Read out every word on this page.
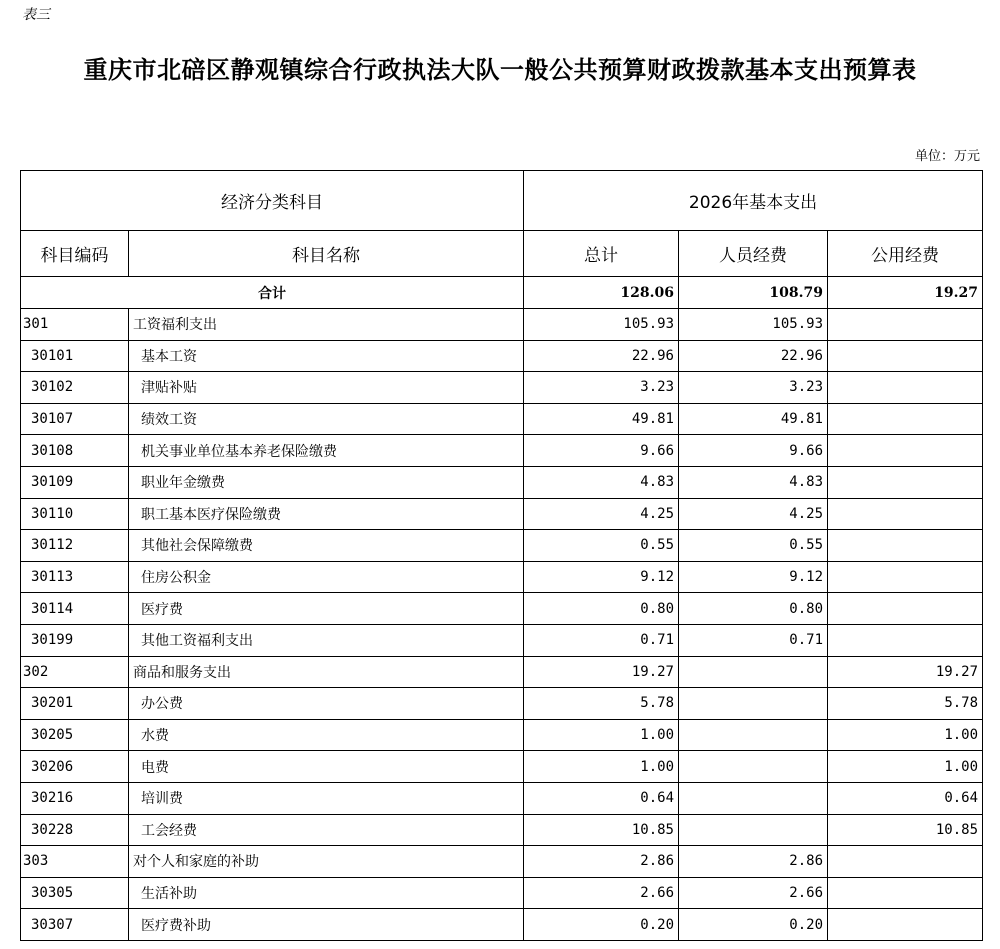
表三
重庆市北碚区静观镇综合行政执法大队一般公共预算财政拨款基本支出预算表
单位：万元
经济分类科目		2026年基本支出		
科目编码	科目名称	总计	人员经费	公用经费
合计		128.06	108.79	19.27
301	工资福利支出	105.93	105.93	
30101	基本工资	22.96	22.96	
30102	津贴补贴	3.23	3.23	
30107	绩效工资	49.81	49.81	
30108	机关事业单位基本养老保险缴费	9.66	9.66	
30109	职业年金缴费	4.83	4.83	
30110	职工基本医疗保险缴费	4.25	4.25	
30112	其他社会保障缴费	0.55	0.55	
30113	住房公积金	9.12	9.12	
30114	医疗费	0.80	0.80	
30199	其他工资福利支出	0.71	0.71	
302	商品和服务支出	19.27		19.27
30201	办公费	5.78		5.78
30205	水费	1.00		1.00
30206	电费	1.00		1.00
30216	培训费	0.64		0.64
30228	工会经费	10.85		10.85
303	对个人和家庭的补助	2.86	2.86	
30305	生活补助	2.66	2.66	
30307	医疗费补助	0.20	0.20	
